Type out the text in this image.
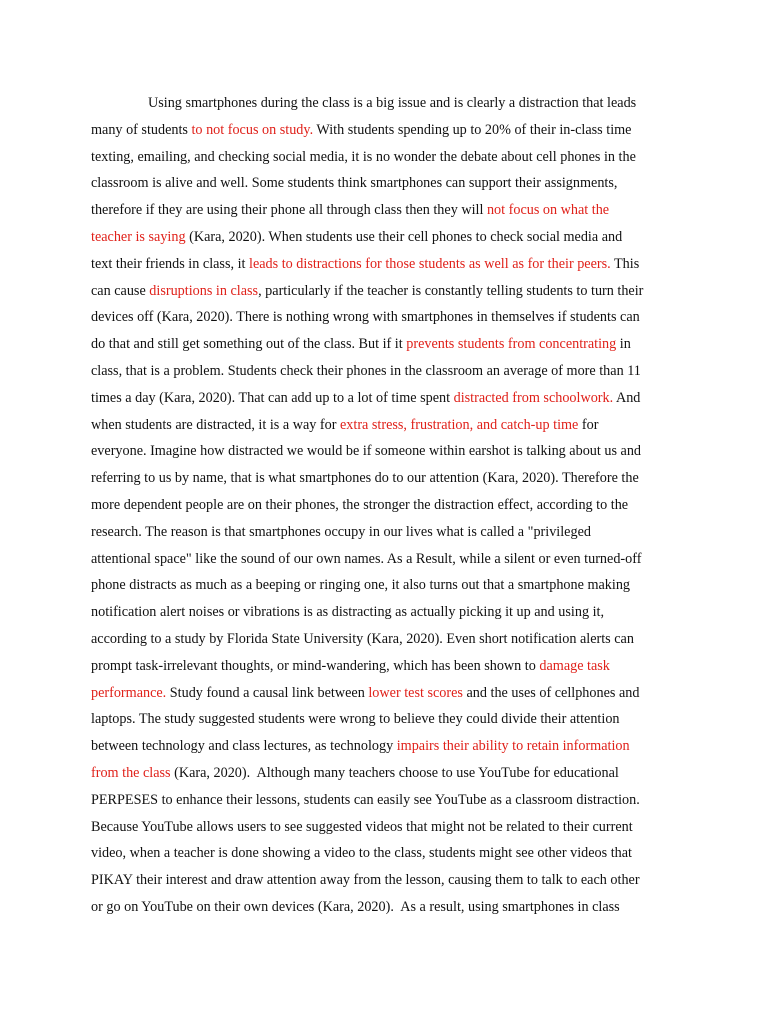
Using smartphones during the class is a big issue and is clearly a distraction that leads

many of students to not focus on study. With students spending up to 20% of their in-class time

texting, emailing, and checking social media, it is no wonder the debate about cell phones in the

classroom is alive and well. Some students think smartphones can support their assignments,

therefore if they are using their phone all through class then they will not focus on what the

teacher is saying (Kara, 2020). When students use their cell phones to check social media and

text their friends in class, it leads to distractions for those students as well as for their peers. This

can cause disruptions in class, particularly if the teacher is constantly telling students to turn their

devices off (Kara, 2020). There is nothing wrong with smartphones in themselves if students can

do that and still get something out of the class. But if it prevents students from concentrating in

class, that is a problem. Students check their phones in the classroom an average of more than 11

times a day (Kara, 2020). That can add up to a lot of time spent distracted from schoolwork. And

when students are distracted, it is a way for extra stress, frustration, and catch-up time for

everyone. Imagine how distracted we would be if someone within earshot is talking about us and

referring to us by name, that is what smartphones do to our attention (Kara, 2020). Therefore the

more dependent people are on their phones, the stronger the distraction effect, according to the

research. The reason is that smartphones occupy in our lives what is called a "privileged

attentional space" like the sound of our own names. As a Result, while a silent or even turned-off

phone distracts as much as a beeping or ringing one, it also turns out that a smartphone making

notification alert noises or vibrations is as distracting as actually picking it up and using it,

according to a study by Florida State University (Kara, 2020). Even short notification alerts can

prompt task-irrelevant thoughts, or mind-wandering, which has been shown to damage task

performance. Study found a causal link between lower test scores and the uses of cellphones and

laptops. The study suggested students were wrong to believe they could divide their attention

between technology and class lectures, as technology impairs their ability to retain information

from the class (Kara, 2020).  Although many teachers choose to use YouTube for educational

PERPESES to enhance their lessons, students can easily see YouTube as a classroom distraction.

Because YouTube allows users to see suggested videos that might not be related to their current

video, when a teacher is done showing a video to the class, students might see other videos that

PIKAY their interest and draw attention away from the lesson, causing them to talk to each other

or go on YouTube on their own devices (Kara, 2020).  As a result, using smartphones in class
